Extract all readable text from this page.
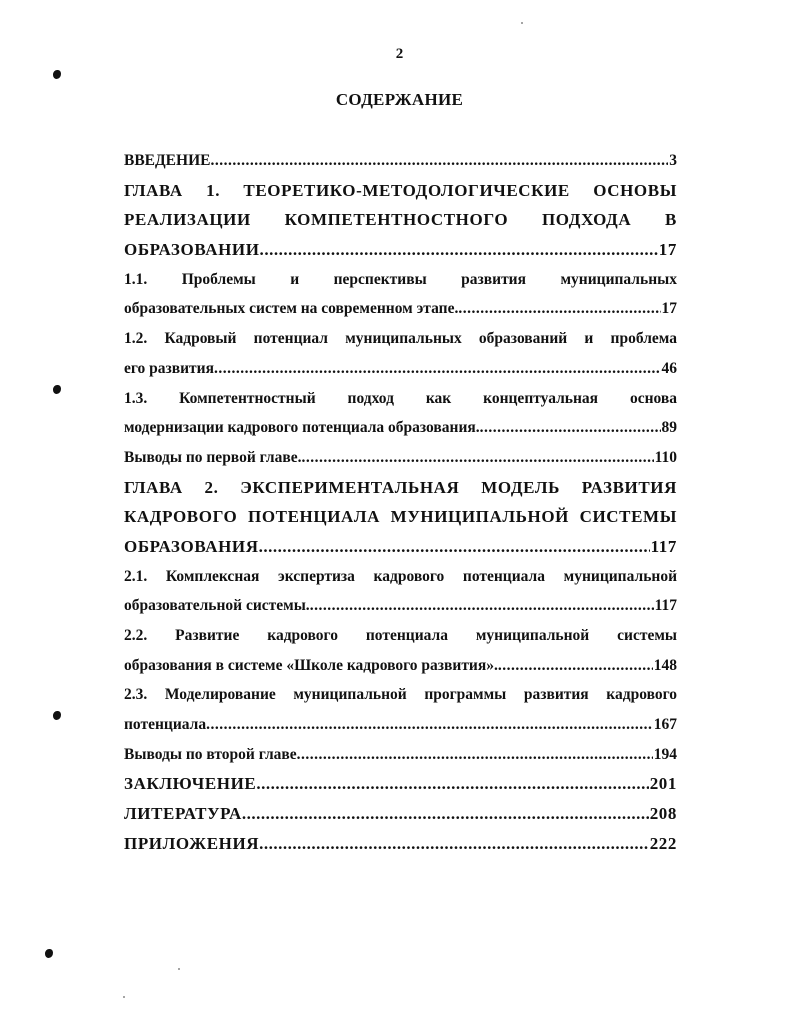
2
СОДЕРЖАНИЕ
ВВЕДЕНИЕ .....	3
ГЛАВА 1. ТЕОРЕТИКО-МЕТОДОЛОГИЧЕСКИЕ ОСНОВЫ
РЕАЛИЗАЦИИ КОМПЕТЕНТНОСТНОГО ПОДХОДА В
ОБРАЗОВАНИИ. .....	17
1.1. Проблемы и перспективы развития муниципальных
образовательных систем на современном этапе. .....	17
1.2. Кадровый потенциал муниципальных образований и проблема
его развития .....	46
1.3. Компетентностный подход как концептуальная основа
модернизации кадрового потенциала образования. .....	89
Выводы по первой главе. .....	110
ГЛАВА 2. ЭКСПЕРИМЕНТАЛЬНАЯ МОДЕЛЬ РАЗВИТИЯ
КАДРОВОГО ПОТЕНЦИАЛА МУНИЦИПАЛЬНОЙ СИСТЕМЫ
ОБРАЗОВАНИЯ .....	117
2.1. Комплексная экспертиза кадрового потенциала муниципальной
образовательной системы. .....	117
2.2. Развитие кадрового потенциала муниципальной системы
образования в системе «Школе кадрового развития». .....	148
2.3. Моделирование муниципальной программы развития кадрового
потенциала .....	167
Выводы по второй главе .....	194
ЗАКЛЮЧЕНИЕ .....	201
ЛИТЕРАТУРА .....	208
ПРИЛОЖЕНИЯ .....	222
